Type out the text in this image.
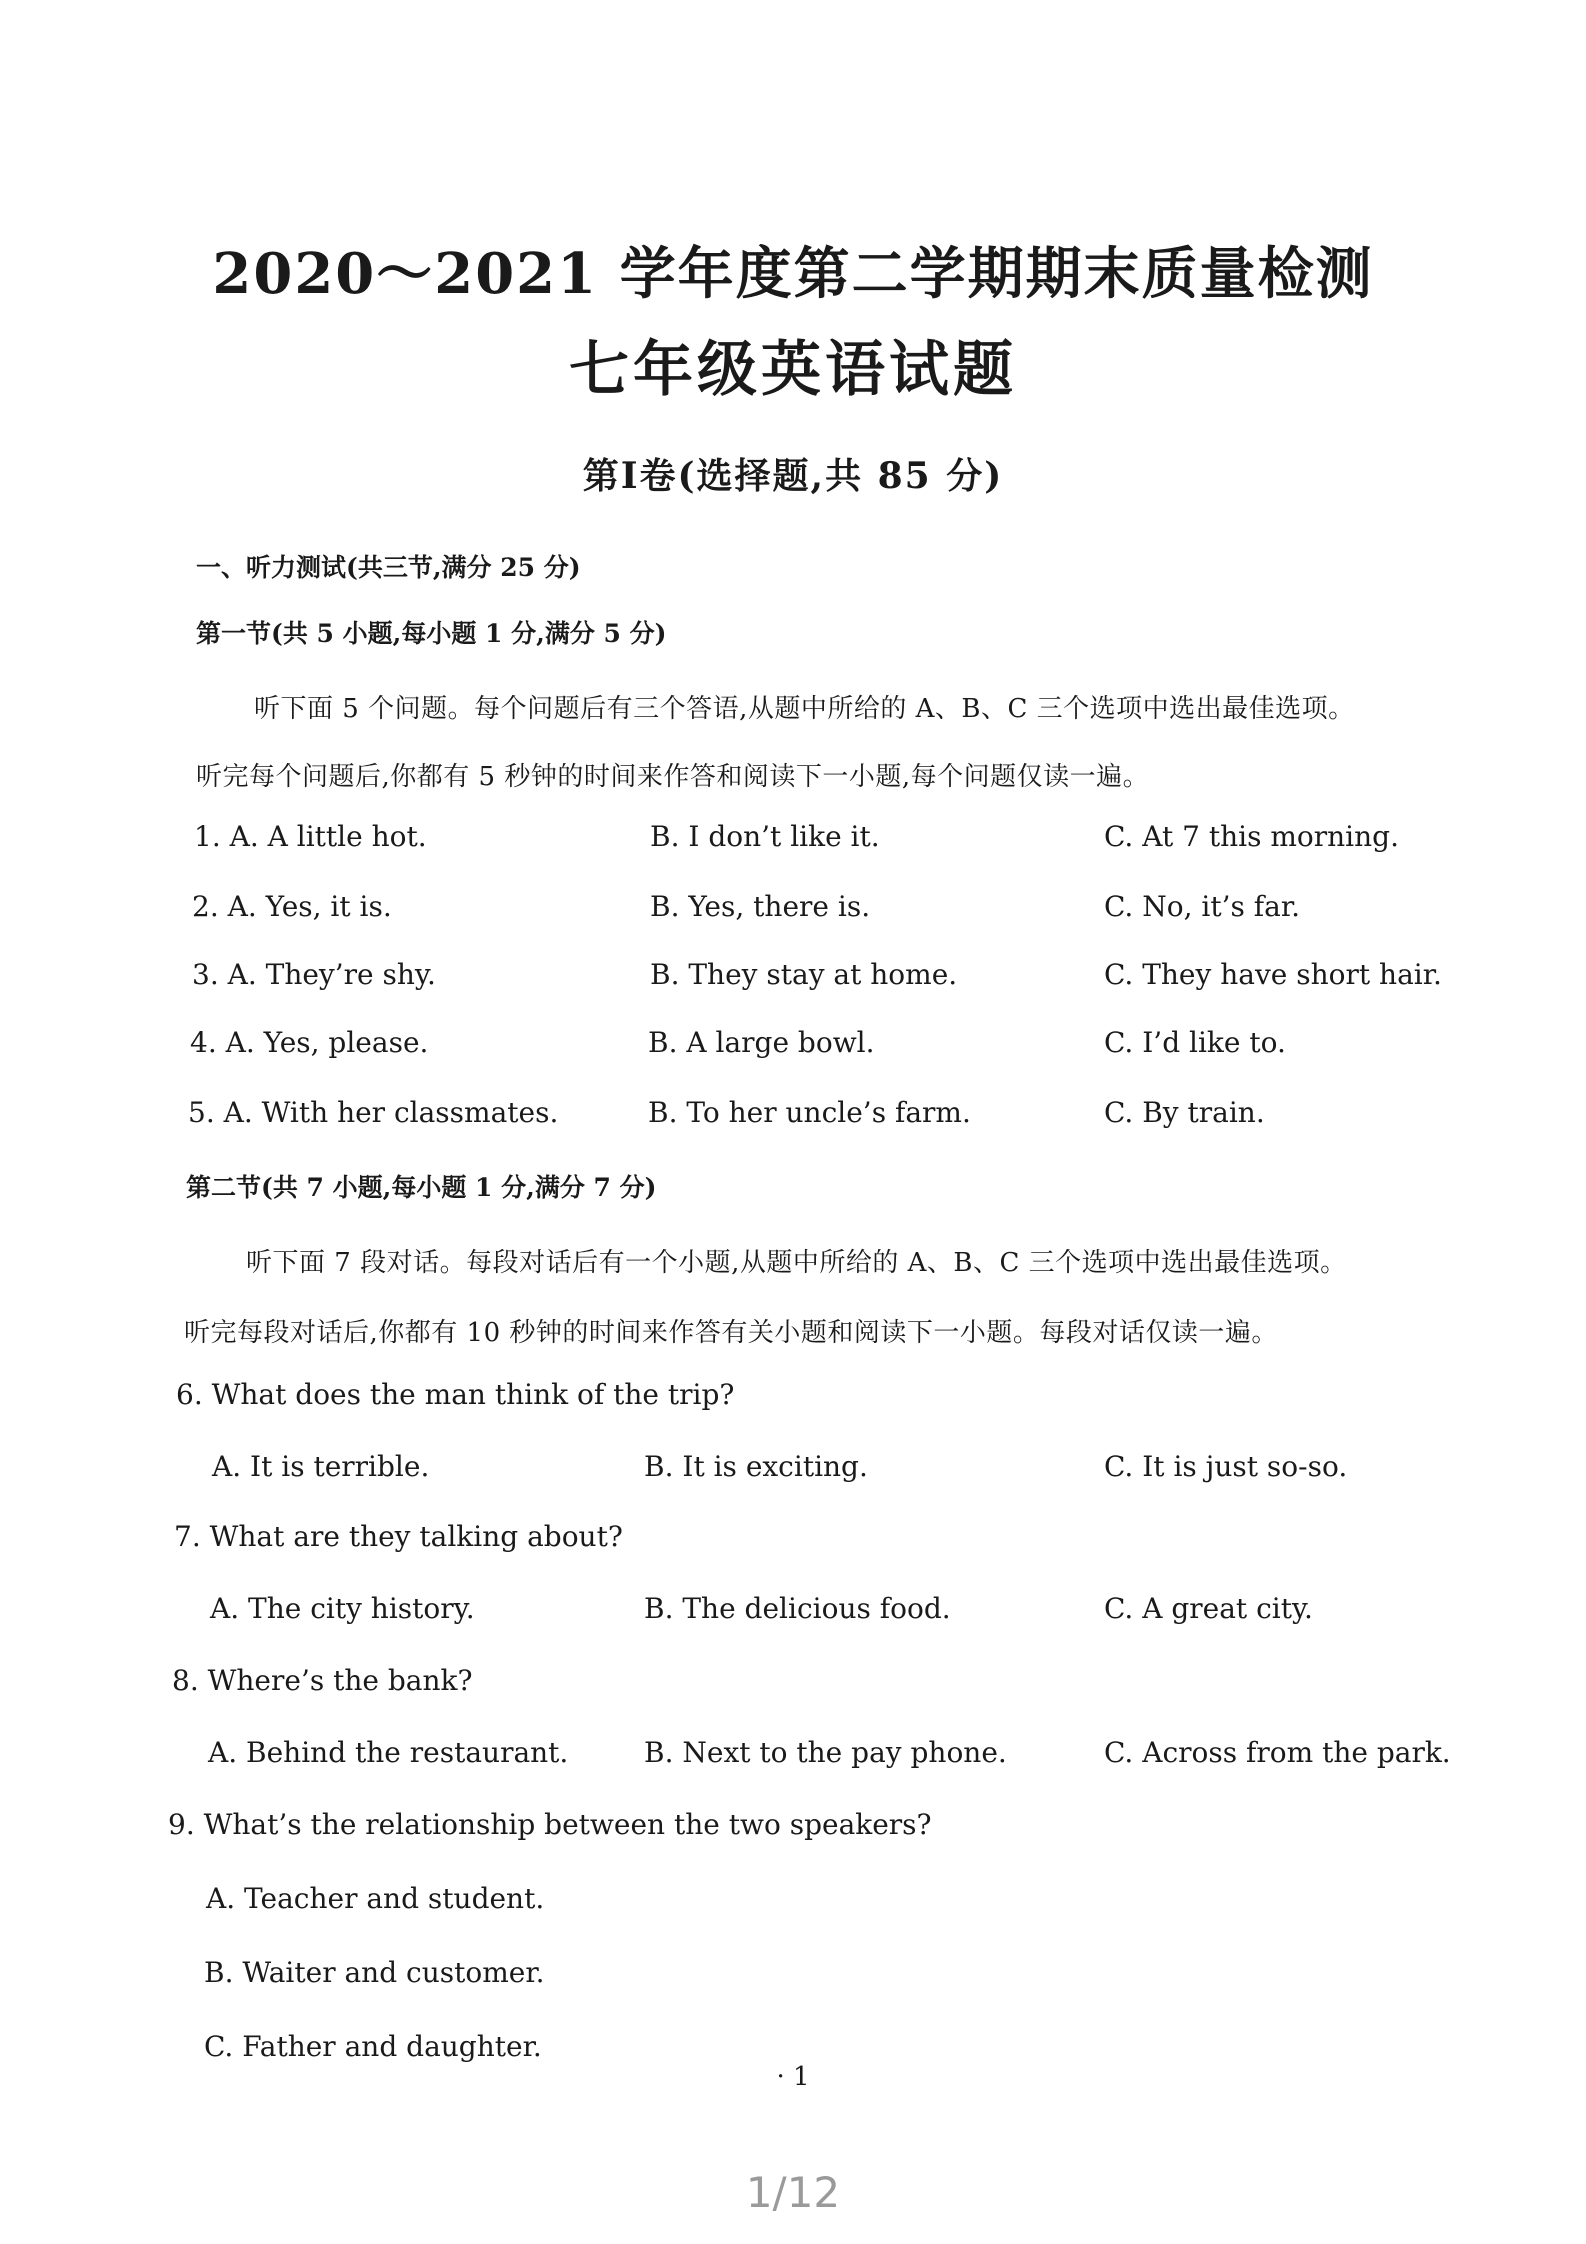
2020～2021 学年度第二学期期末质量检测
七年级英语试题
第Ⅰ卷(选择题,共 85 分)
一、听力测试(共三节,满分 25 分)
第一节(共 5 小题,每小题 1 分,满分 5 分)
听下面 5 个问题。每个问题后有三个答语,从题中所给的 A、B、C 三个选项中选出最佳选项。
听完每个问题后,你都有 5 秒钟的时间来作答和阅读下一小题,每个问题仅读一遍。
1. A. A little hot.	B. I don’t like it.	C. At 7 this morning.
2. A. Yes, it is.	B. Yes, there is.	C. No, it’s far.
3. A. They’re shy.	B. They stay at home.	C. They have short hair.
4. A. Yes, please.	B. A large bowl.	C. I’d like to.
5. A. With her classmates.	B. To her uncle’s farm.	C. By train.
第二节(共 7 小题,每小题 1 分,满分 7 分)
听下面 7 段对话。每段对话后有一个小题,从题中所给的 A、B、C 三个选项中选出最佳选项。
听完每段对话后,你都有 10 秒钟的时间来作答有关小题和阅读下一小题。每段对话仅读一遍。
6. What does the man think of the trip?
A. It is terrible.	B. It is exciting.	C. It is just so-so.
7. What are they talking about?
A. The city history.	B. The delicious food.	C. A great city.
8. Where’s the bank?
A. Behind the restaurant.	B. Next to the pay phone.	C. Across from the park.
9. What’s the relationship between the two speakers?
A. Teacher and student.
B. Waiter and customer.
C. Father and daughter.
· 1
1/12
